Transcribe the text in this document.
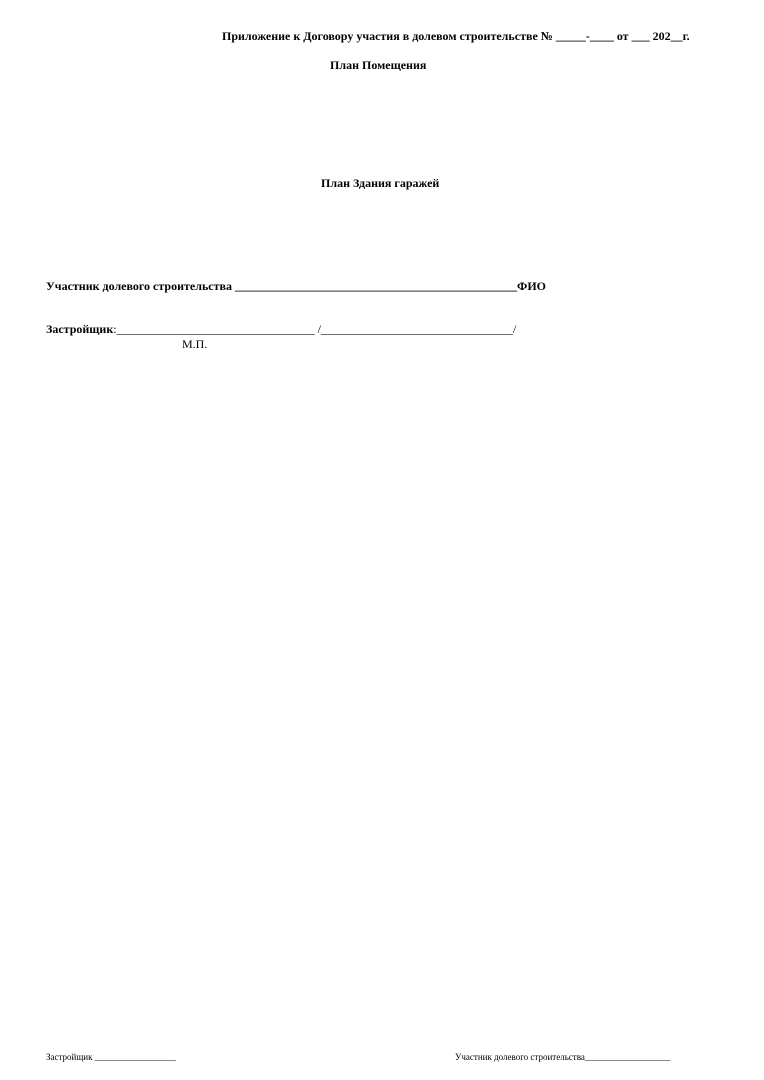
Приложение к Договору участия в долевом строительстве № _____-____ от ___ 202__г.
План Помещения
План Здания гаражей
Участник долевого строительства _______________________________________________ФИО
Застройщик:_________________________________ /________________________________/
М.П.
Застройщик __________________	Участник долевого строительства___________________
